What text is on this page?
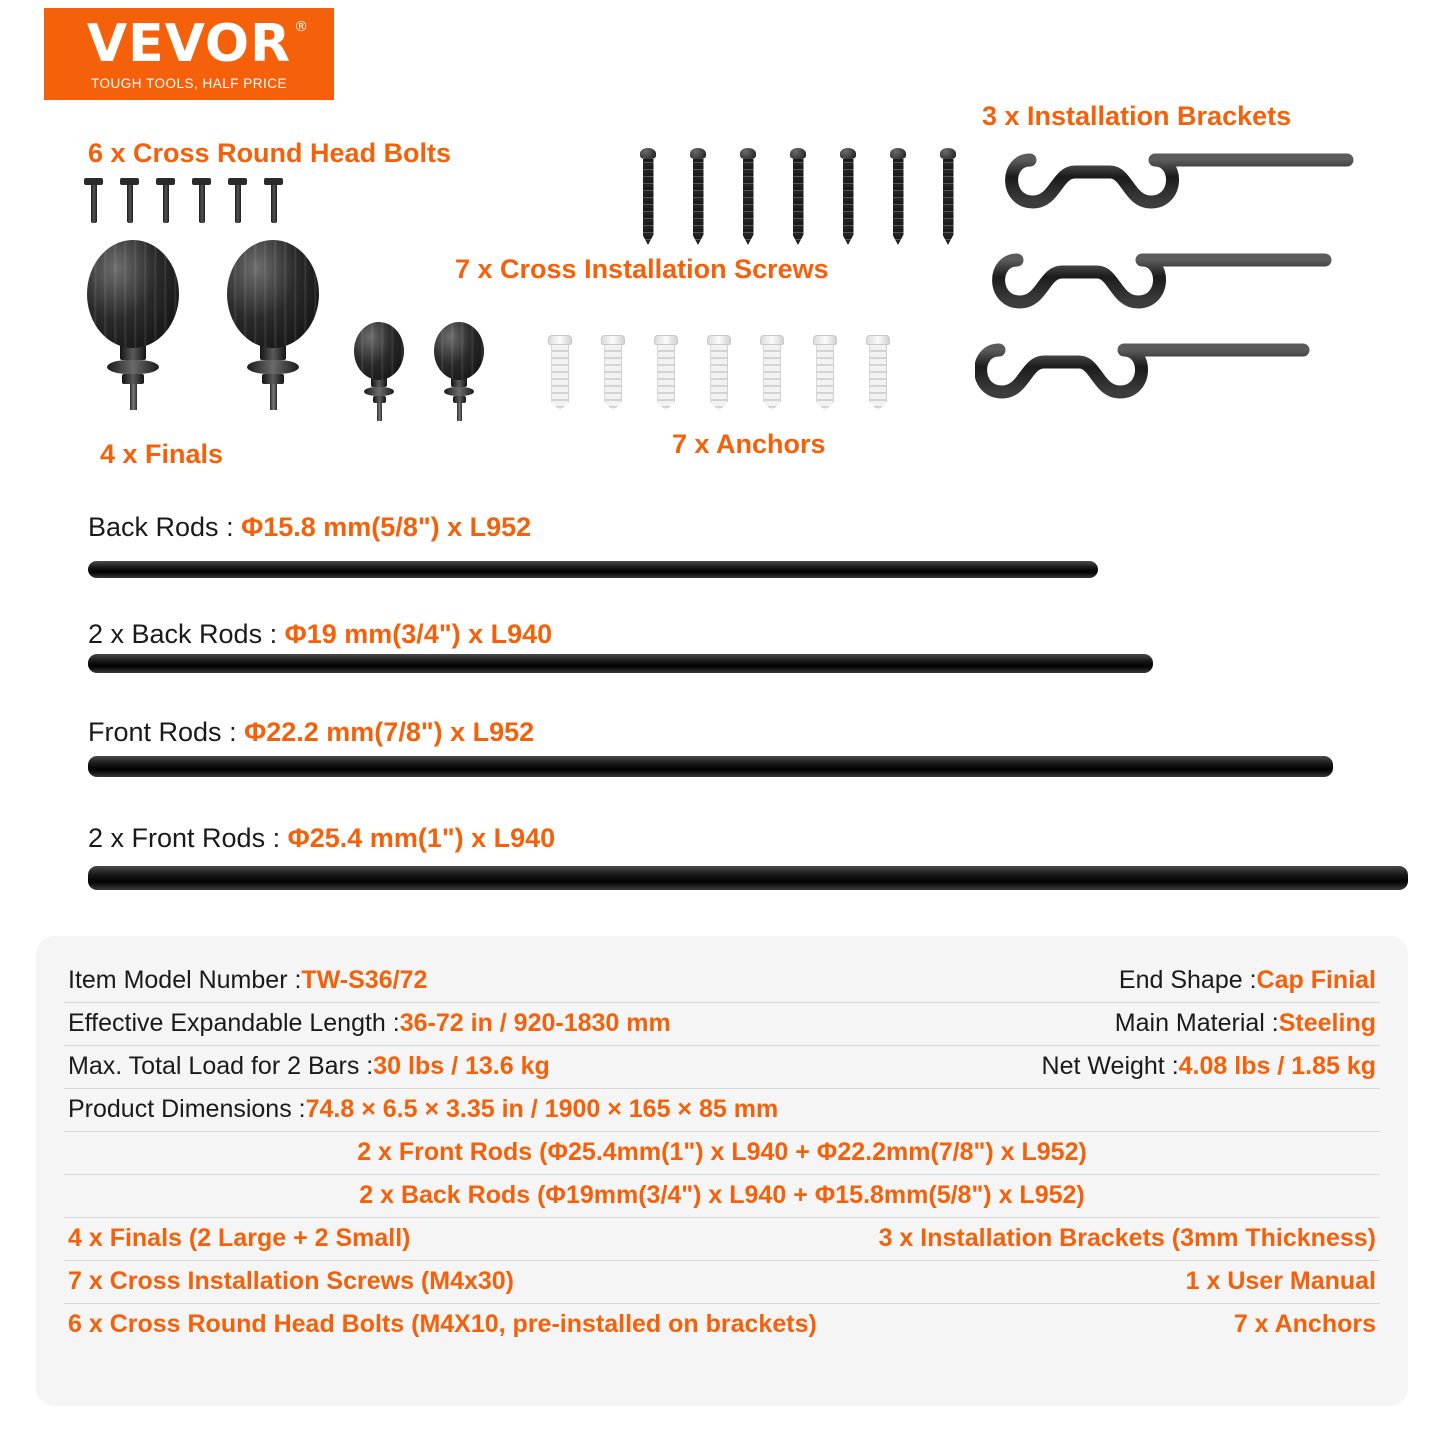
VEVOR ®
TOUGH TOOLS, HALF PRICE
6 x Cross Round Head Bolts
7 x Cross Installation Screws
3 x Installation Brackets
4 x Finals	7 x Anchors
Back Rods : Φ15.8 mm(5/8") x L952
2 x Back Rods : Φ19 mm(3/4") x L940
Front Rods : Φ22.2 mm(7/8") x L952
2 x Front Rods : Φ25.4 mm(1") x L940
Item Model Number : TW-S36/72	End Shape : Cap Finial
Effective Expandable Length : 36-72 in / 920-1830 mm	Main Material : Steeling
Max. Total Load for 2 Bars : 30 lbs / 13.6 kg	Net Weight : 4.08 lbs / 1.85 kg
Product Dimensions : 74.8 × 6.5 × 3.35 in / 1900 × 165 × 85 mm
2 x Front Rods (Φ25.4mm(1") x L940 + Φ22.2mm(7/8") x L952)
2 x Back Rods (Φ19mm(3/4") x L940 + Φ15.8mm(5/8") x L952)
4 x Finals (2 Large + 2 Small)	3 x Installation Brackets (3mm Thickness)
7 x Cross Installation Screws (M4x30)	1 x User Manual
6 x Cross Round Head Bolts (M4X10, pre-installed on brackets)	7 x Anchors
